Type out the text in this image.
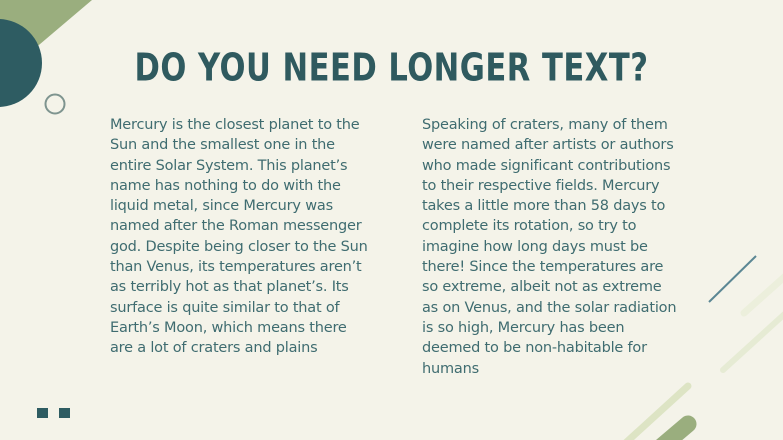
DO YOU NEED LONGER TEXT?

Mercury is the closest planet to the Sun and the smallest one in the entire Solar System. This planet’s name has nothing to do with the liquid metal, since Mercury was named after the Roman messenger god. Despite being closer to the Sun than Venus, its temperatures aren’t as terribly hot as that planet’s. Its surface is quite similar to that of Earth’s Moon, which means there are a lot of craters and plains

Speaking of craters, many of them were named after artists or authors who made significant contributions to their respective fields. Mercury takes a little more than 58 days to complete its rotation, so try to imagine how long days must be there! Since the temperatures are so extreme, albeit not as extreme as on Venus, and the solar radiation is so high, Mercury has been deemed to be non-habitable for humans
